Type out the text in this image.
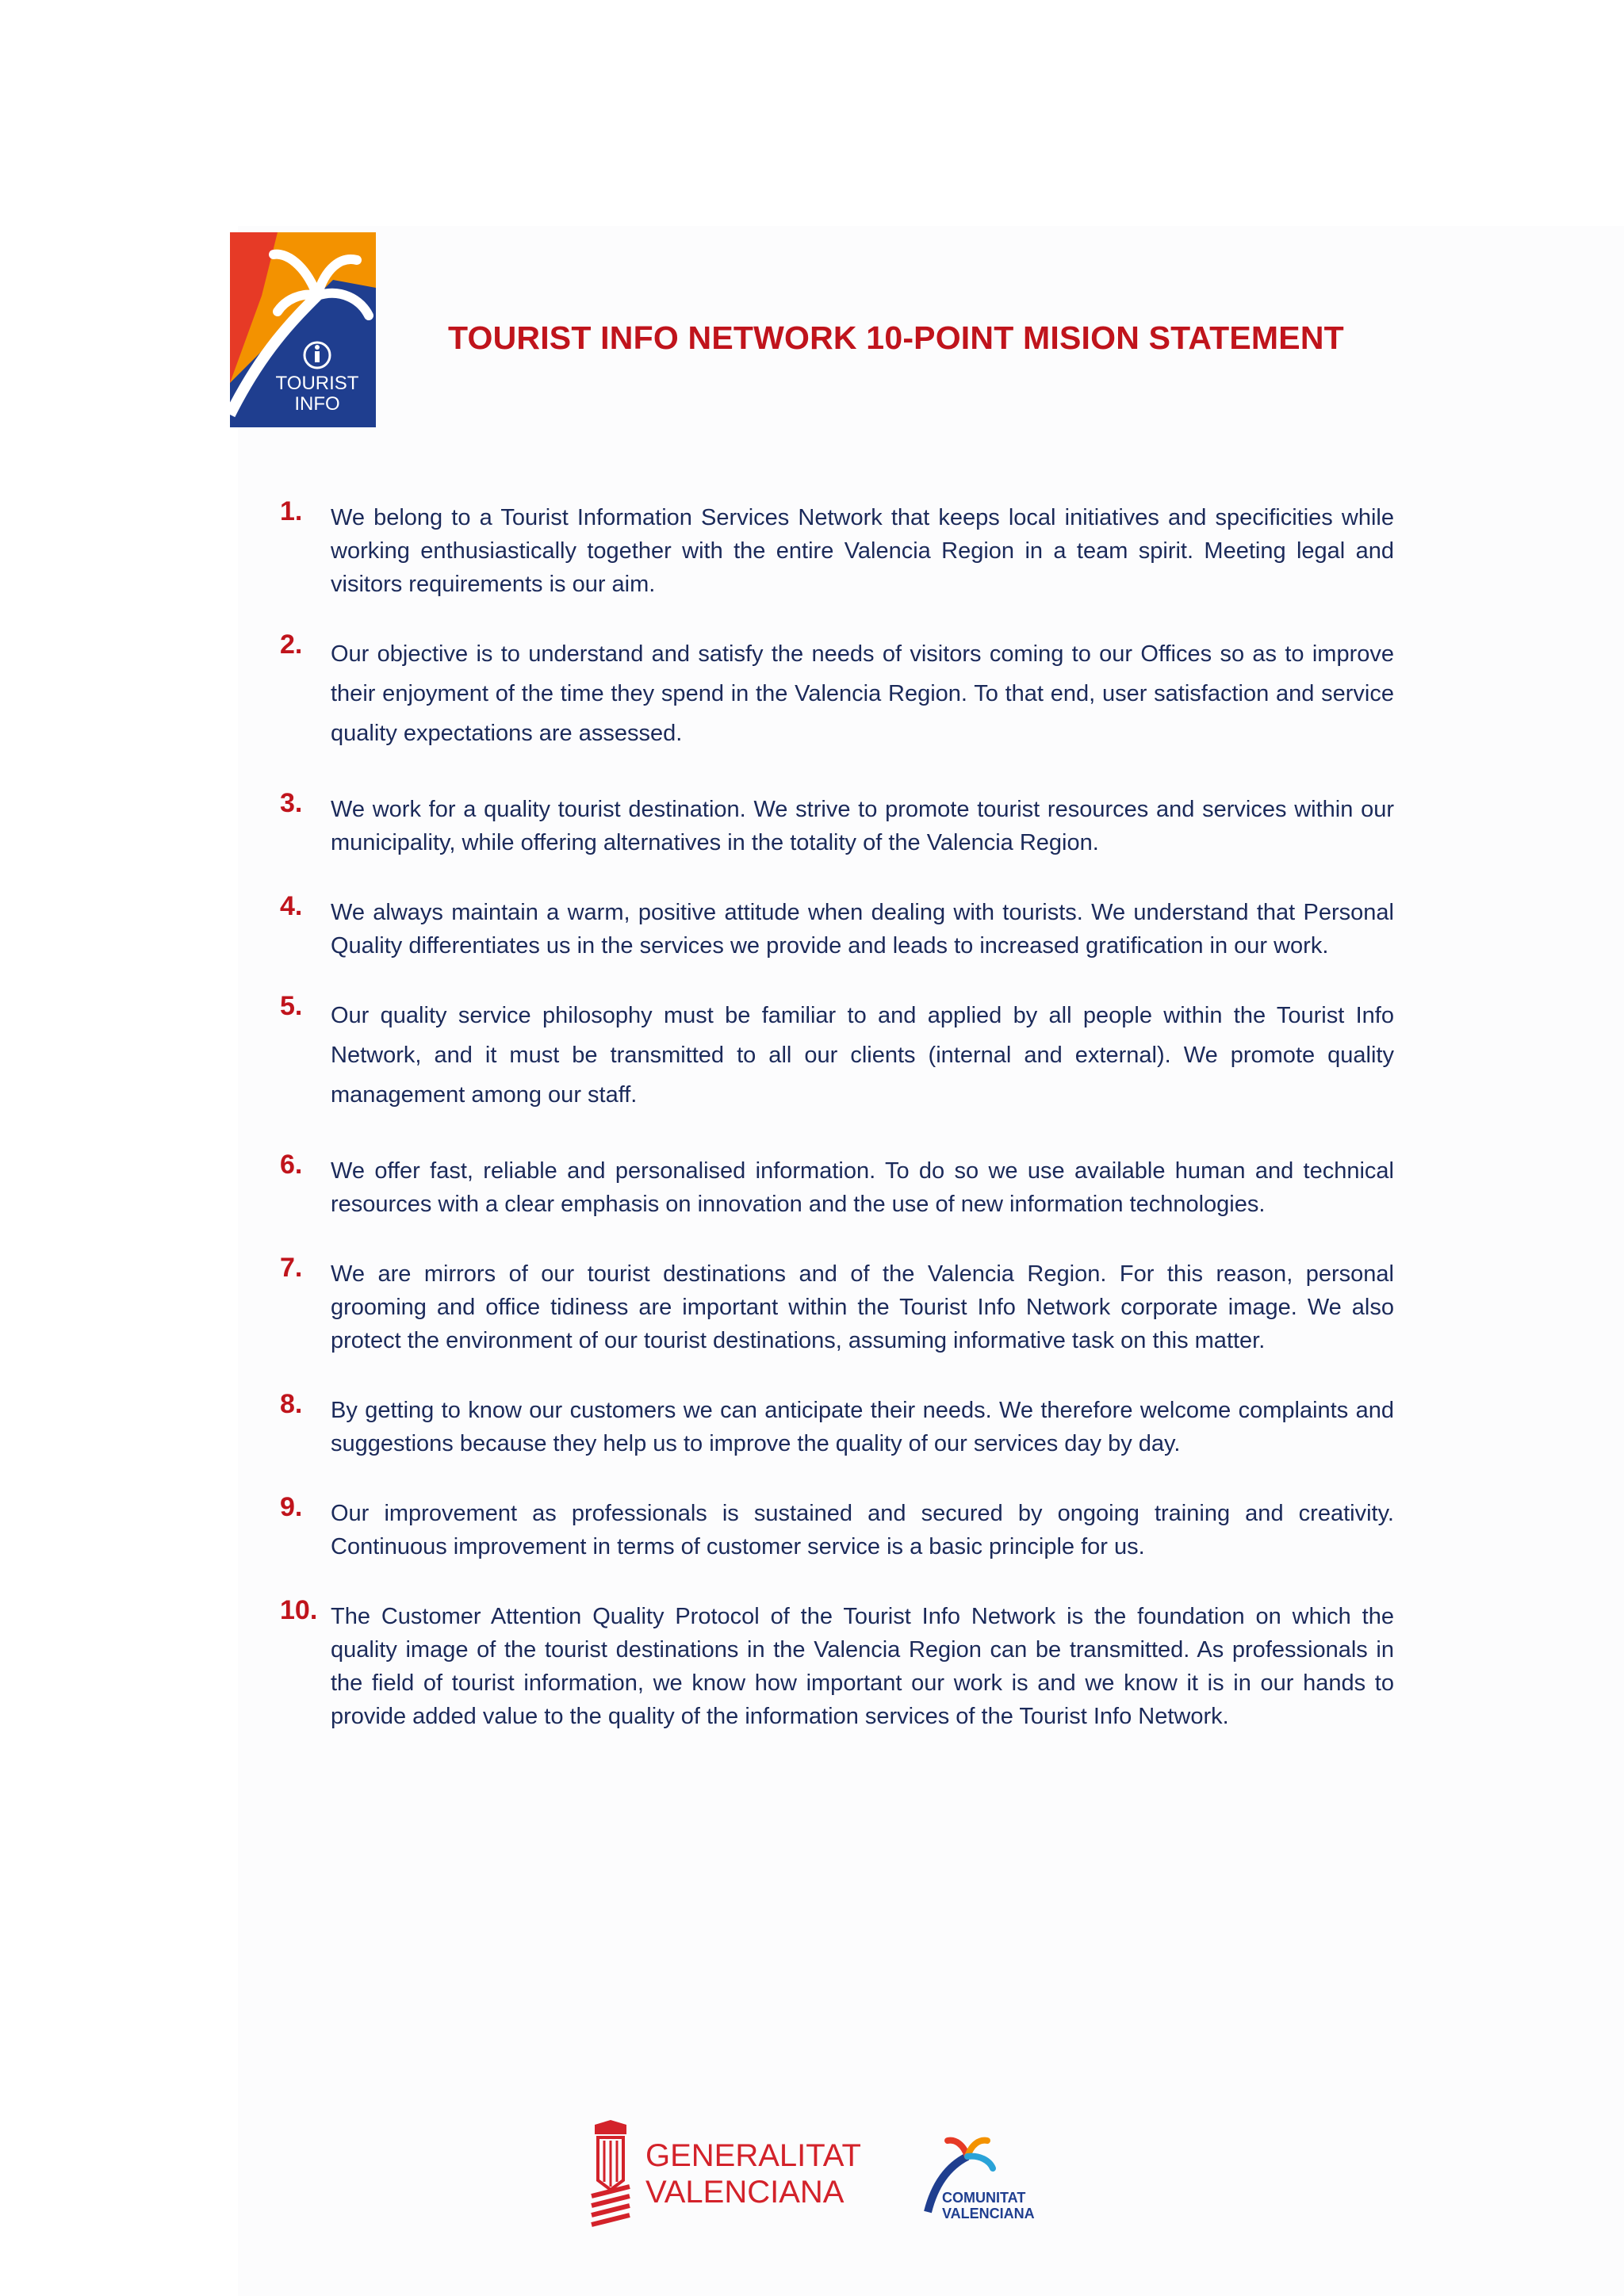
TOURIST
INFO
TOURIST INFO NETWORK 10-POINT MISION STATEMENT
1.	We belong to a Tourist Information Services Network that keeps local initiatives and specificities while working enthusiastically together with the entire Valencia Region in a team spirit. Meeting legal and visitors requirements is our aim.
2.	Our objective is to understand and satisfy the needs of visitors coming to our Offices so as to improve their enjoyment of the time they spend in the Valencia Region. To that end, user satisfaction and service quality expectations are assessed.
3.	We work for a quality tourist destination. We strive to promote tourist resources and services within our municipality, while offering alternatives in the totality of the Valencia Region.
4.	We always maintain a warm, positive attitude when dealing with tourists. We understand that Personal Quality differentiates us in the services we provide and leads to increased gratification in our work.
5.	Our quality service philosophy must be familiar to and applied by all people within the Tourist Info Network, and it must be transmitted to all our clients (internal and external). We promote quality management among our staff.
6.	We offer fast, reliable and personalised information. To do so we use available human and technical resources with a clear emphasis on innovation and the use of new information technologies.
7.	We are mirrors of our tourist destinations and of the Valencia Region. For this reason, personal grooming and office tidiness are important within the Tourist Info Network corporate image. We also protect the environment of our tourist destinations, assuming informative task on this matter.
8.	By getting to know our customers we can anticipate their needs. We therefore welcome complaints and suggestions because they help us to improve the quality of our services day by day.
9.	Our improvement as professionals is sustained and secured by ongoing training and creativity. Continuous improvement in terms of customer service is a basic principle for us.
10. The Customer Attention Quality Protocol of the Tourist Info Network is the foundation on which the quality image of the tourist destinations in the Valencia Region can be transmitted. As professionals in the field of tourist information, we know how important our work is and we know it is in our hands to provide added value to the quality of the information services of the Tourist Info Network.
GENERALITAT
VALENCIANA	COMUNITAT
VALENCIANA
